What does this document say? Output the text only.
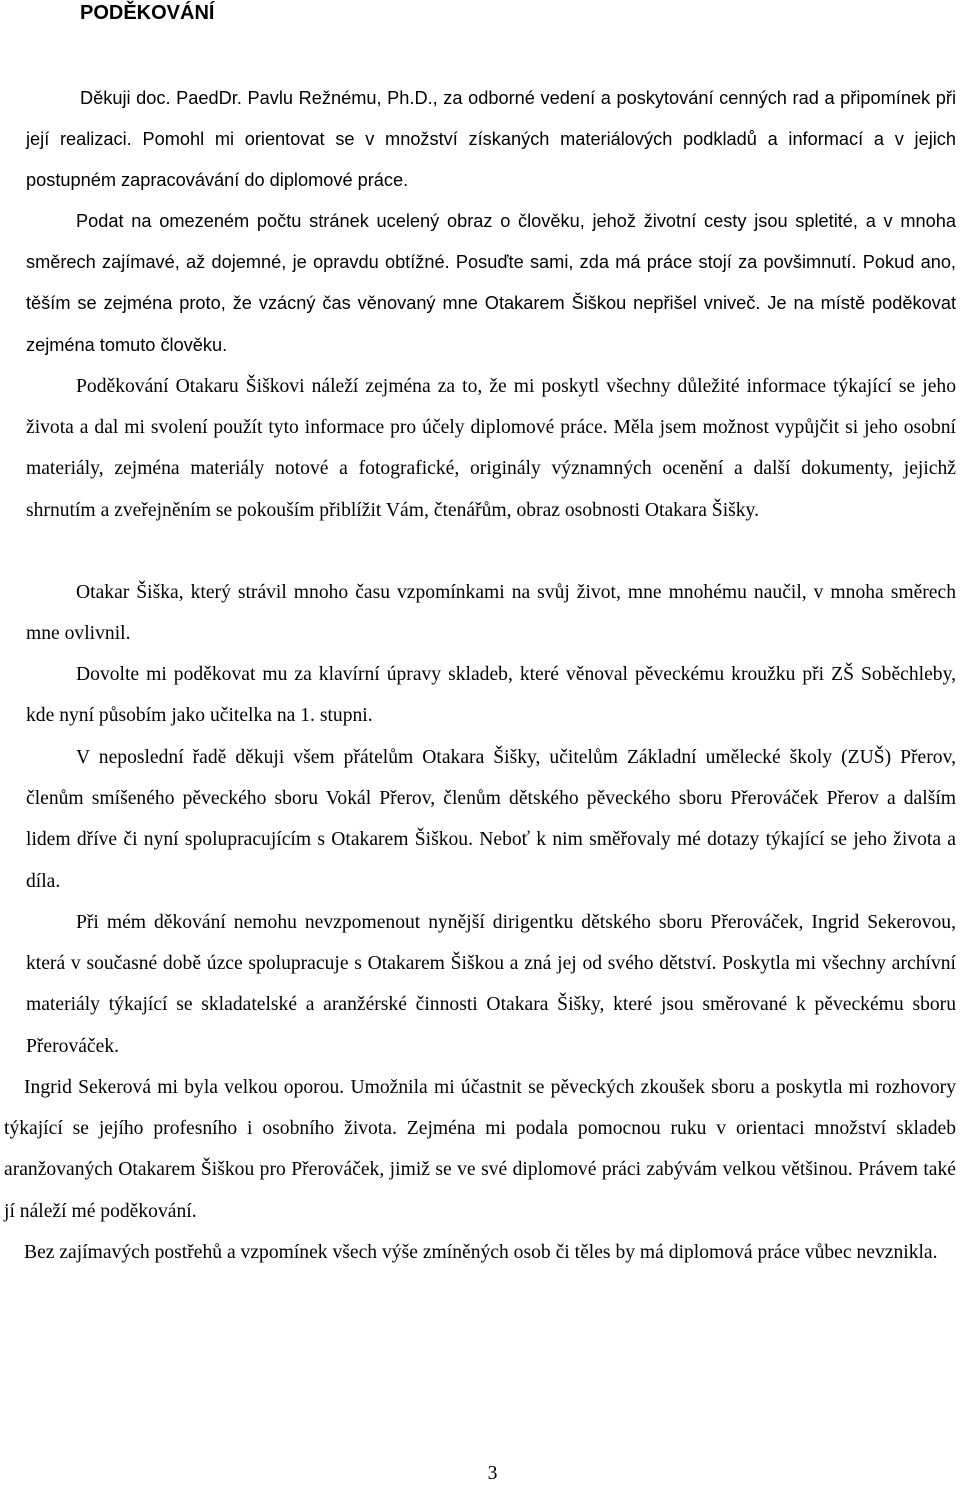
PODĚKOVÁNÍ

Děkuji doc. PaedDr. Pavlu Režnému, Ph.D., za odborné vedení a poskytování cenných rad a připomínek při její realizaci. Pomohl mi orientovat se v množství získaných materiálových podkladů a informací a v jejich postupném zapracovávání do diplomové práce.

Podat na omezeném počtu stránek ucelený obraz o člověku, jehož životní cesty jsou spletité, a v mnoha směrech zajímavé, až dojemné, je opravdu obtížné. Posuďte sami, zda má práce stojí za povšimnutí. Pokud ano, těším se zejména proto, že vzácný čas věnovaný mne Otakarem Šiškou nepřišel vniveč. Je na místě poděkovat zejména tomuto člověku.

Poděkování Otakaru Šiškovi náleží zejména za to, že mi poskytl všechny důležité informace týkající se jeho života a dal mi svolení použít tyto informace pro účely diplomové práce. Měla jsem možnost vypůjčit si jeho osobní materiály, zejména materiály notové a fotografické, originály významných ocenění a další dokumenty, jejichž shrnutím a zveřejněním se pokouším přiblížit Vám, čtenářům, obraz osobnosti Otakara Šišky.

Otakar Šiška, který strávil mnoho času vzpomínkami na svůj život, mne mnohému naučil, v mnoha směrech mne ovlivnil.

Dovolte mi poděkovat mu za klavírní úpravy skladeb, které věnoval pěveckému kroužku při ZŠ Soběchleby, kde nyní působím jako učitelka na 1. stupni.

V neposlední řadě děkuji všem přátelům Otakara Šišky, učitelům Základní umělecké školy (ZUŠ) Přerov, členům smíšeného pěveckého sboru Vokál Přerov, členům dětského pěveckého sboru Přerováček Přerov a dalším lidem dříve či nyní spolupracujícím s Otakarem Šiškou. Neboť k nim směřovaly mé dotazy týkající se jeho života a díla.

Při mém děkování nemohu nevzpomenout nynější dirigentku dětského sboru Přerováček, Ingrid Sekerovou, která v současné době úzce spolupracuje s Otakarem Šiškou a zná jej od svého dětství. Poskytla mi všechny archívní materiály týkající se skladatelské a aranžérské činnosti Otakara Šišky, které jsou směrované k pěveckému sboru Přerováček.

Ingrid Sekerová mi byla velkou oporou. Umožnila mi účastnit se pěveckých zkoušek sboru a poskytla mi rozhovory týkající se jejího profesního i osobního života. Zejména mi podala pomocnou ruku v orientaci množství skladeb aranžovaných Otakarem Šiškou pro Přerováček, jimiž se ve své diplomové práci zabývám velkou většinou. Právem také jí náleží mé poděkování.

Bez zajímavých postřehů a vzpomínek všech výše zmíněných osob či těles by má diplomová práce vůbec nevznikla.

3
